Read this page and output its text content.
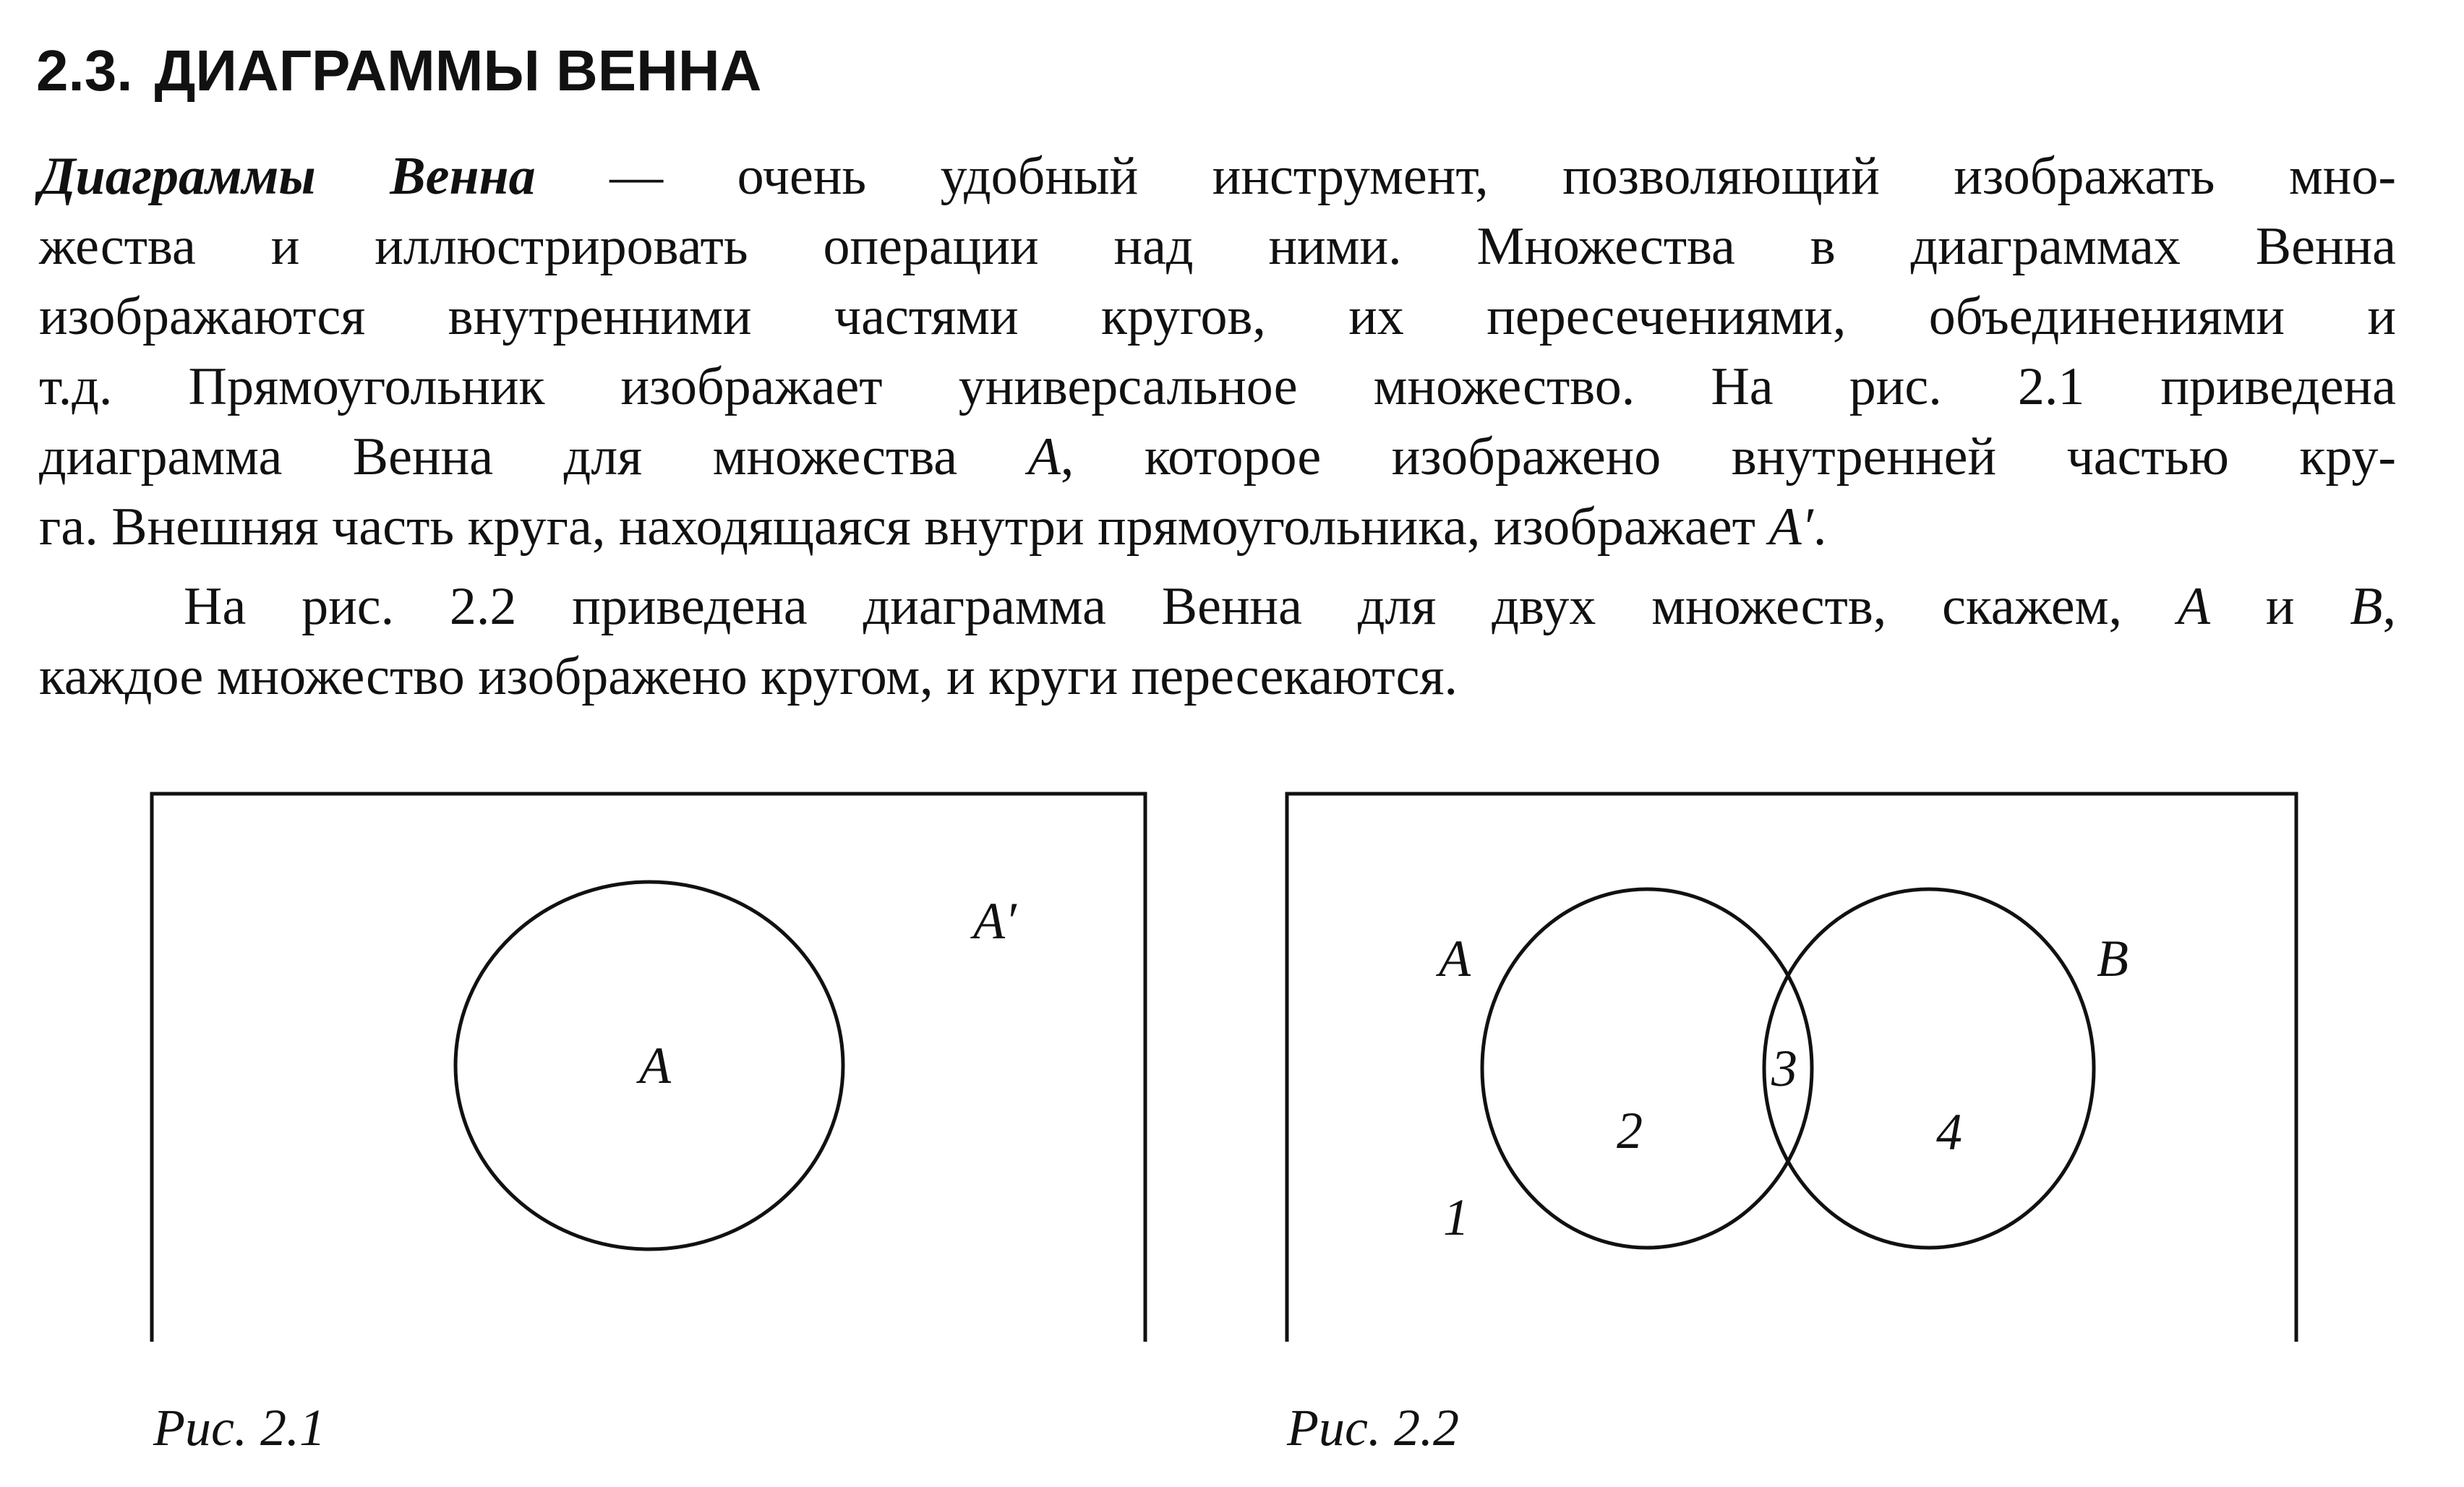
2.3. ДИАГРАММЫ ВЕННА
Диаграммы Венна — очень удобный инструмент, позволяющий изображать мно-
жества и иллюстрировать операции над ними. Множества в диаграммах Венна
изображаются внутренними частями кругов, их пересечениями, объединениями и
т.д. Прямоугольник изображает универсальное множество. На рис. 2.1 приведена
диаграмма Венна для множества A, которое изображено внутренней частью кру-
га. Внешняя часть круга, находящаяся внутри прямоугольника, изображает A′.
На рис. 2.2 приведена диаграмма Венна для двух множеств, скажем, A и B,
каждое множество изображено кругом, и круги пересекаются.
A
A′
A	B
1
2
3
4
Рис. 2.1	Рис. 2.2
